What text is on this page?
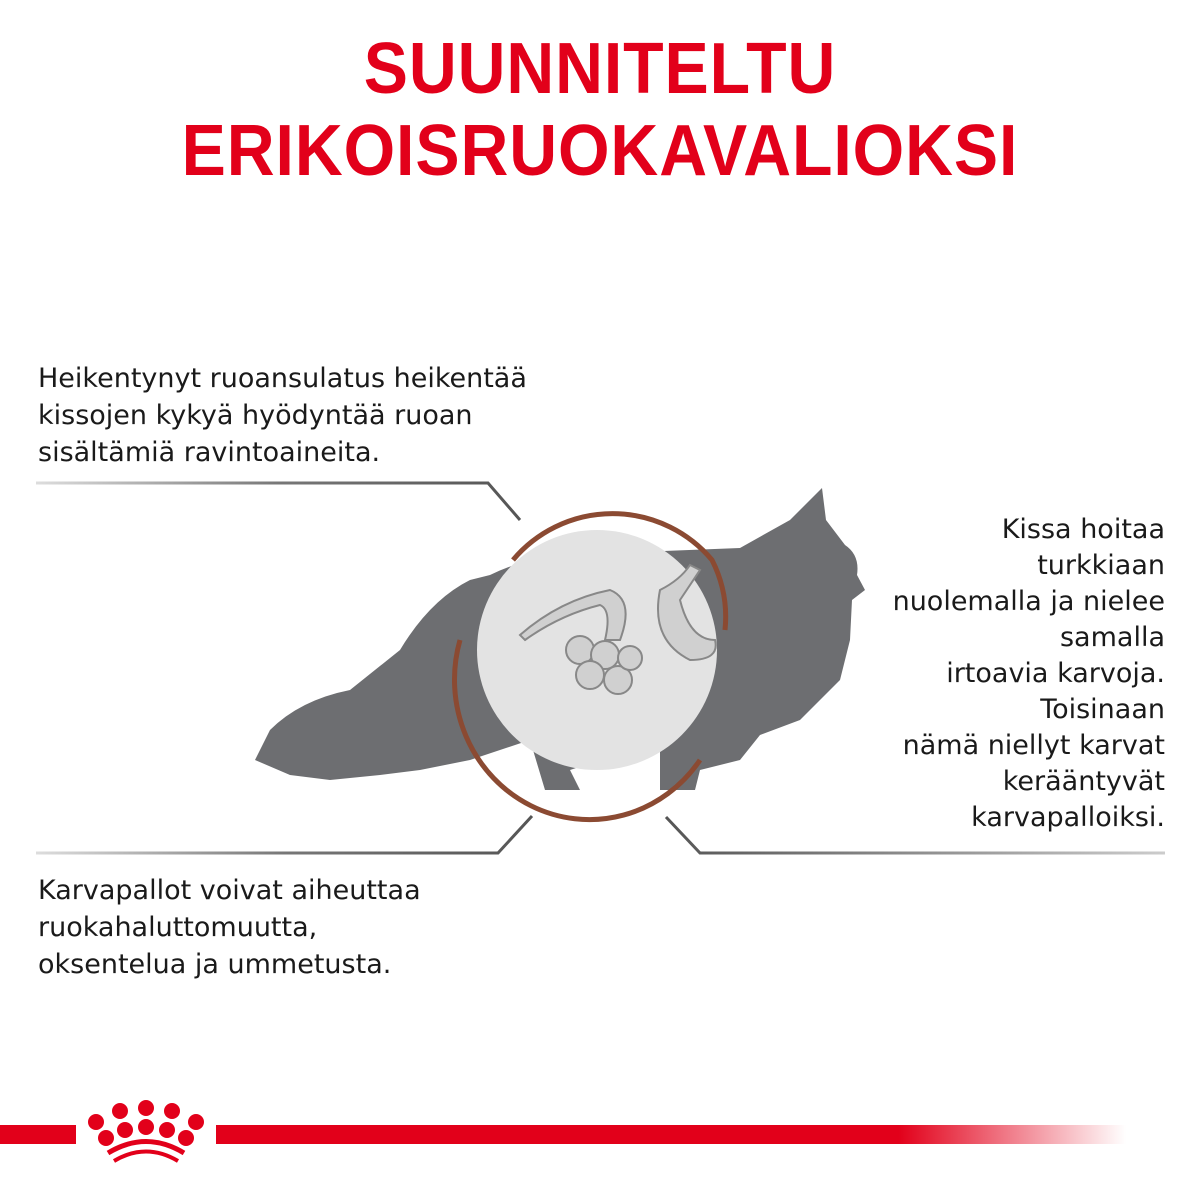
SUUNNITELTU
ERIKOISRUOKAVALIOKSI
Heikentynyt ruoansulatus heikentää
kissojen kykyä hyödyntää ruoan
sisältämiä ravintoaineita.
Kissa hoitaa
turkkiaan
nuolemalla ja nielee
samalla
irtoavia karvoja.
Toisinaan
nämä niellyt karvat
kerääntyvät
karvapalloiksi.
Karvapallot voivat aiheuttaa
ruokahaluttomuutta,
oksentelua ja ummetusta.
